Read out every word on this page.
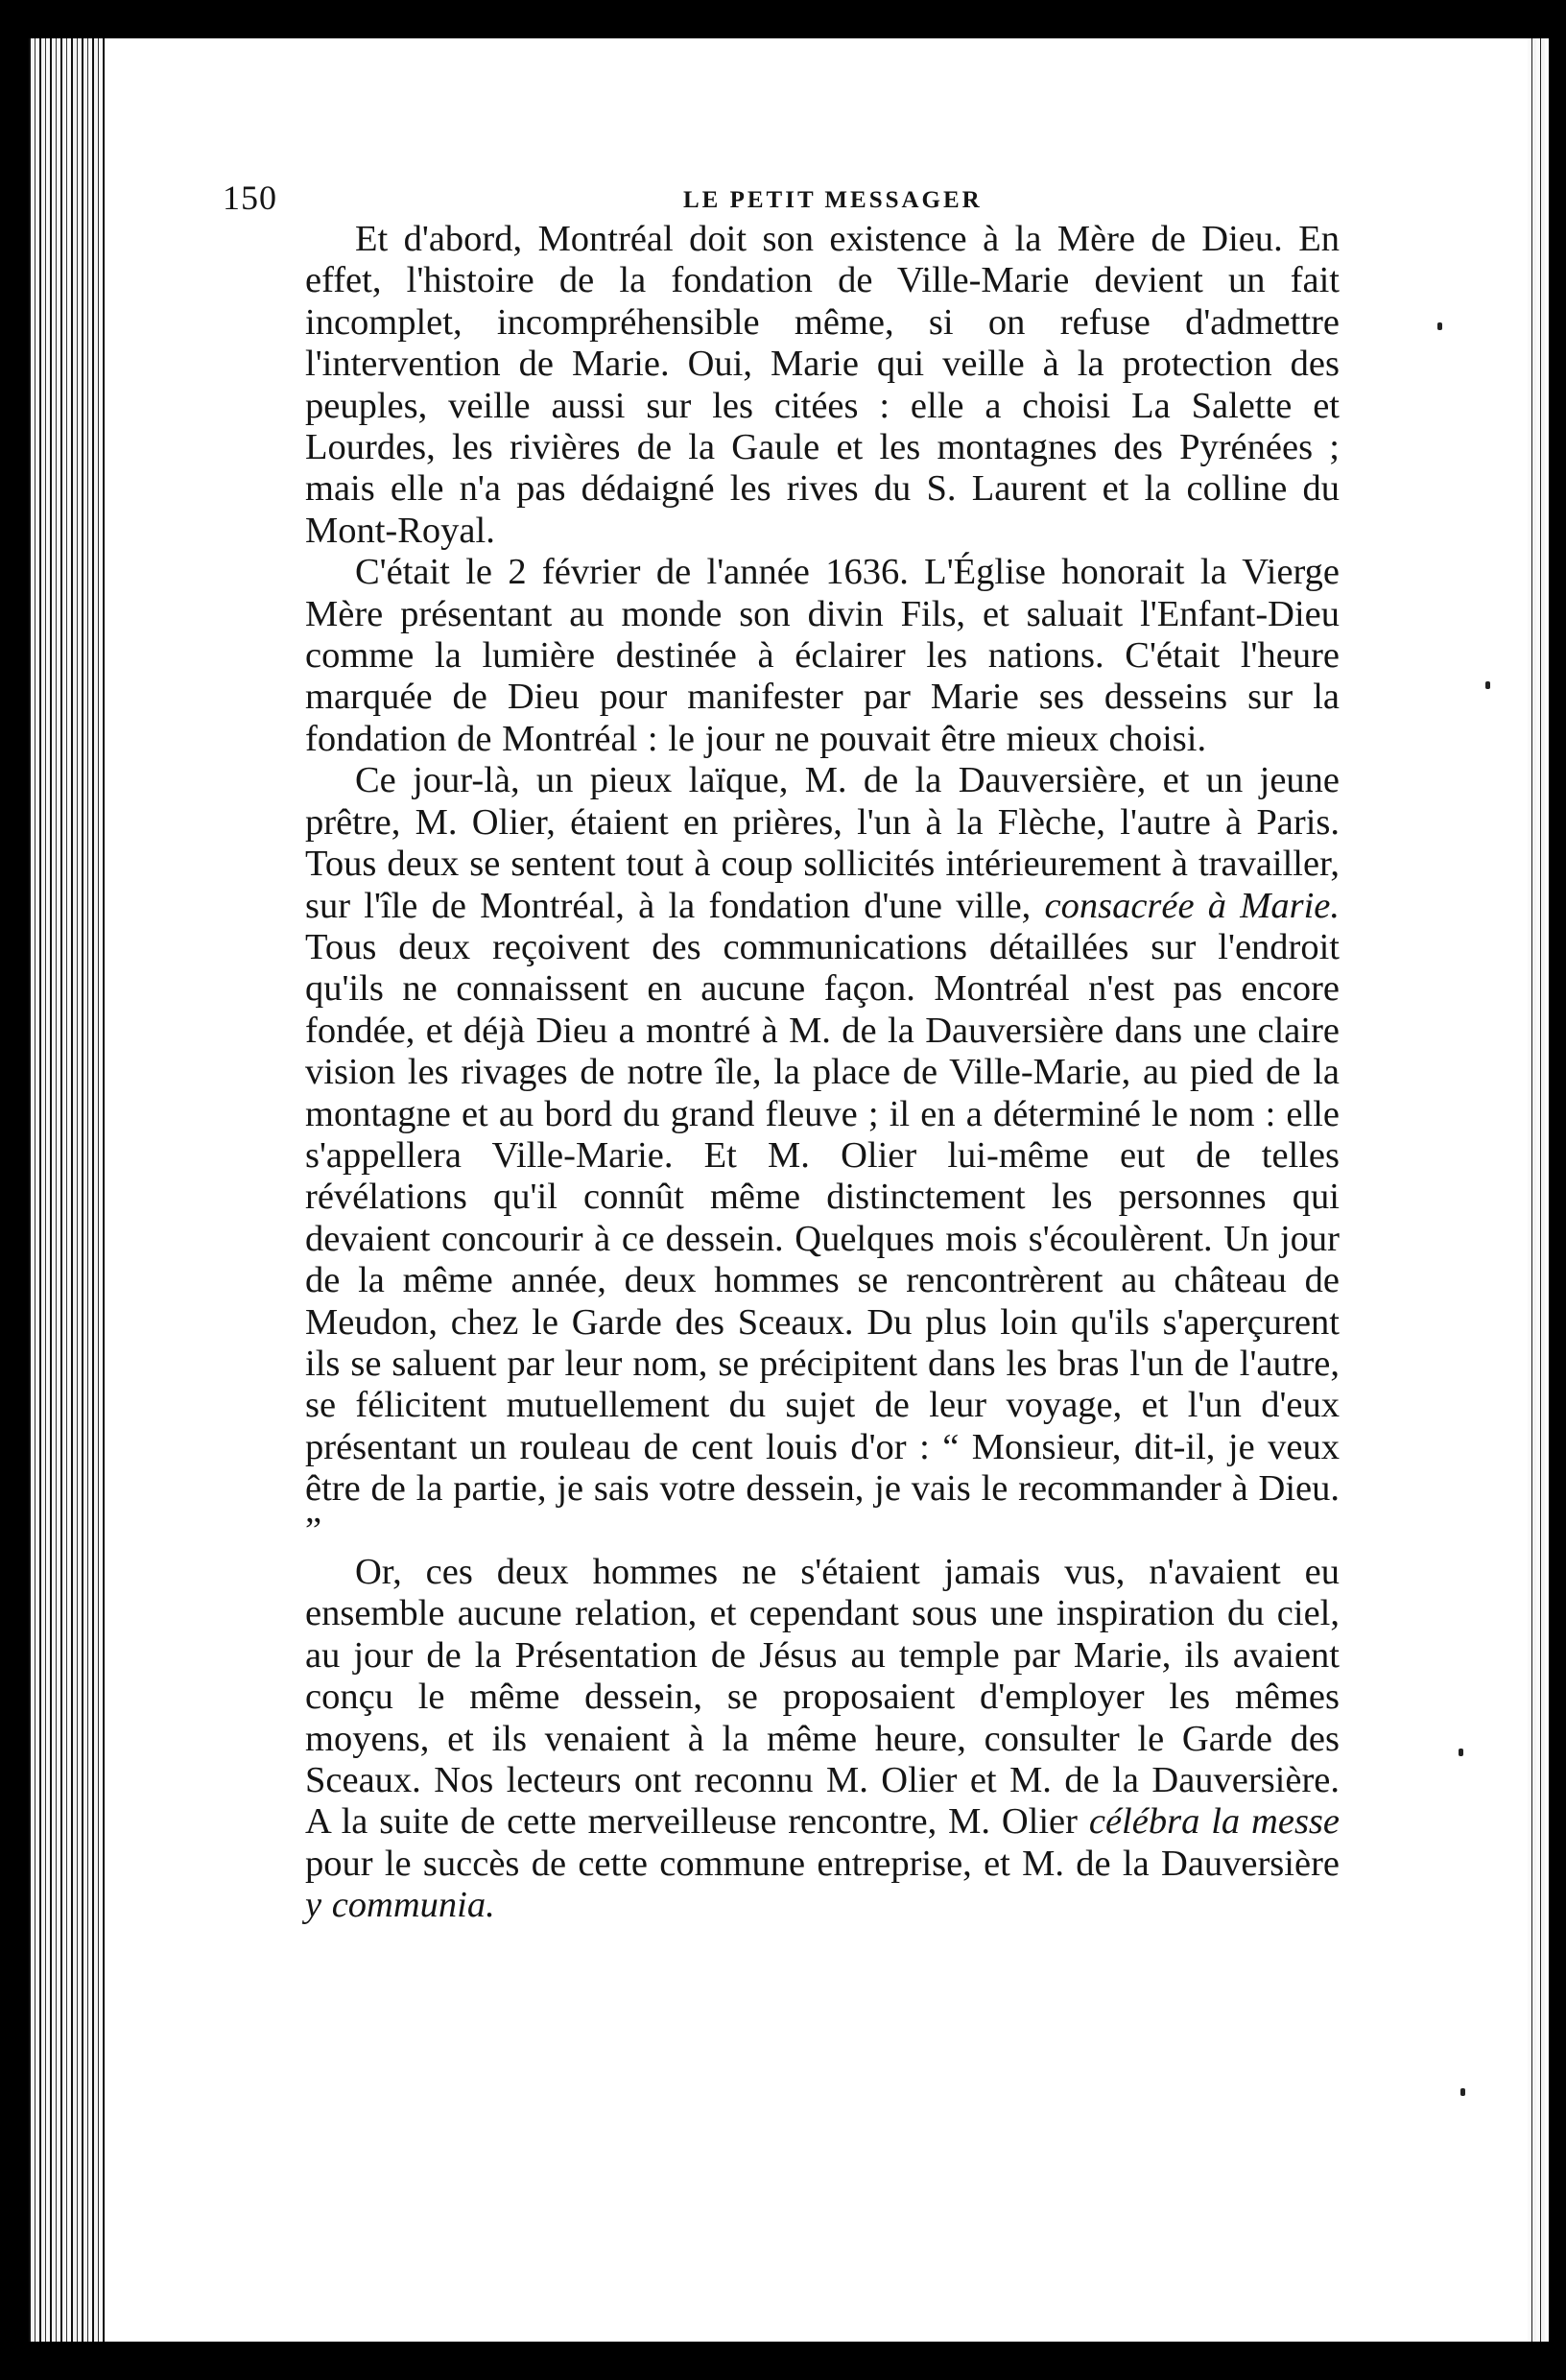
150	LE PETIT MESSAGER

Et d'abord, Montréal doit son existence à la Mère de Dieu. En effet, l'histoire de la fondation de Ville-Marie devient un fait incomplet, incompréhensible même, si on refuse d'admettre l'intervention de Marie. Oui, Marie qui veille à la protection des peuples, veille aussi sur les citées : elle a choisi La Salette et Lourdes, les rivières de la Gaule et les montagnes des Pyrénées ; mais elle n'a pas dédaigné les rives du S. Laurent et la colline du Mont-Royal.

C'était le 2 février de l'année 1636. L'Église honorait la Vierge Mère présentant au monde son divin Fils, et saluait l'Enfant-Dieu comme la lumière destinée à éclairer les nations. C'était l'heure marquée de Dieu pour manifester par Marie ses desseins sur la fondation de Montréal : le jour ne pouvait être mieux choisi.

Ce jour-là, un pieux laïque, M. de la Dauversière, et un jeune prêtre, M. Olier, étaient en prières, l'un à la Flèche, l'autre à Paris. Tous deux se sentent tout à coup sollicités intérieurement à travailler, sur l'île de Montréal, à la fondation d'une ville, consacrée à Marie. Tous deux reçoivent des communications détaillées sur l'endroit qu'ils ne connaissent en aucune façon. Montréal n'est pas encore fondée, et déjà Dieu a montré à M. de la Dauversière dans une claire vision les rivages de notre île, la place de Ville-Marie, au pied de la montagne et au bord du grand fleuve ; il en a déterminé le nom : elle s'appellera Ville-Marie. Et M. Olier lui-même eut de telles révélations qu'il connût même distinctement les personnes qui devaient concourir à ce dessein. Quelques mois s'écoulèrent. Un jour de la même année, deux hommes se rencontrèrent au château de Meudon, chez le Garde des Sceaux. Du plus loin qu'ils s'aperçurent ils se saluent par leur nom, se précipitent dans les bras l'un de l'autre, se félicitent mutuellement du sujet de leur voyage, et l'un d'eux présentant un rouleau de cent louis d'or : “ Monsieur, dit-il, je veux être de la partie, je sais votre dessein, je vais le recommander à Dieu. ”

Or, ces deux hommes ne s'étaient jamais vus, n'avaient eu ensemble aucune relation, et cependant sous une inspiration du ciel, au jour de la Présentation de Jésus au temple par Marie, ils avaient conçu le même dessein, se proposaient d'employer les mêmes moyens, et ils venaient à la même heure, consulter le Garde des Sceaux. Nos lecteurs ont reconnu M. Olier et M. de la Dauversière. A la suite de cette merveilleuse rencontre, M. Olier célébra la messe pour le succès de cette commune entreprise, et M. de la Dauversière y communia.
